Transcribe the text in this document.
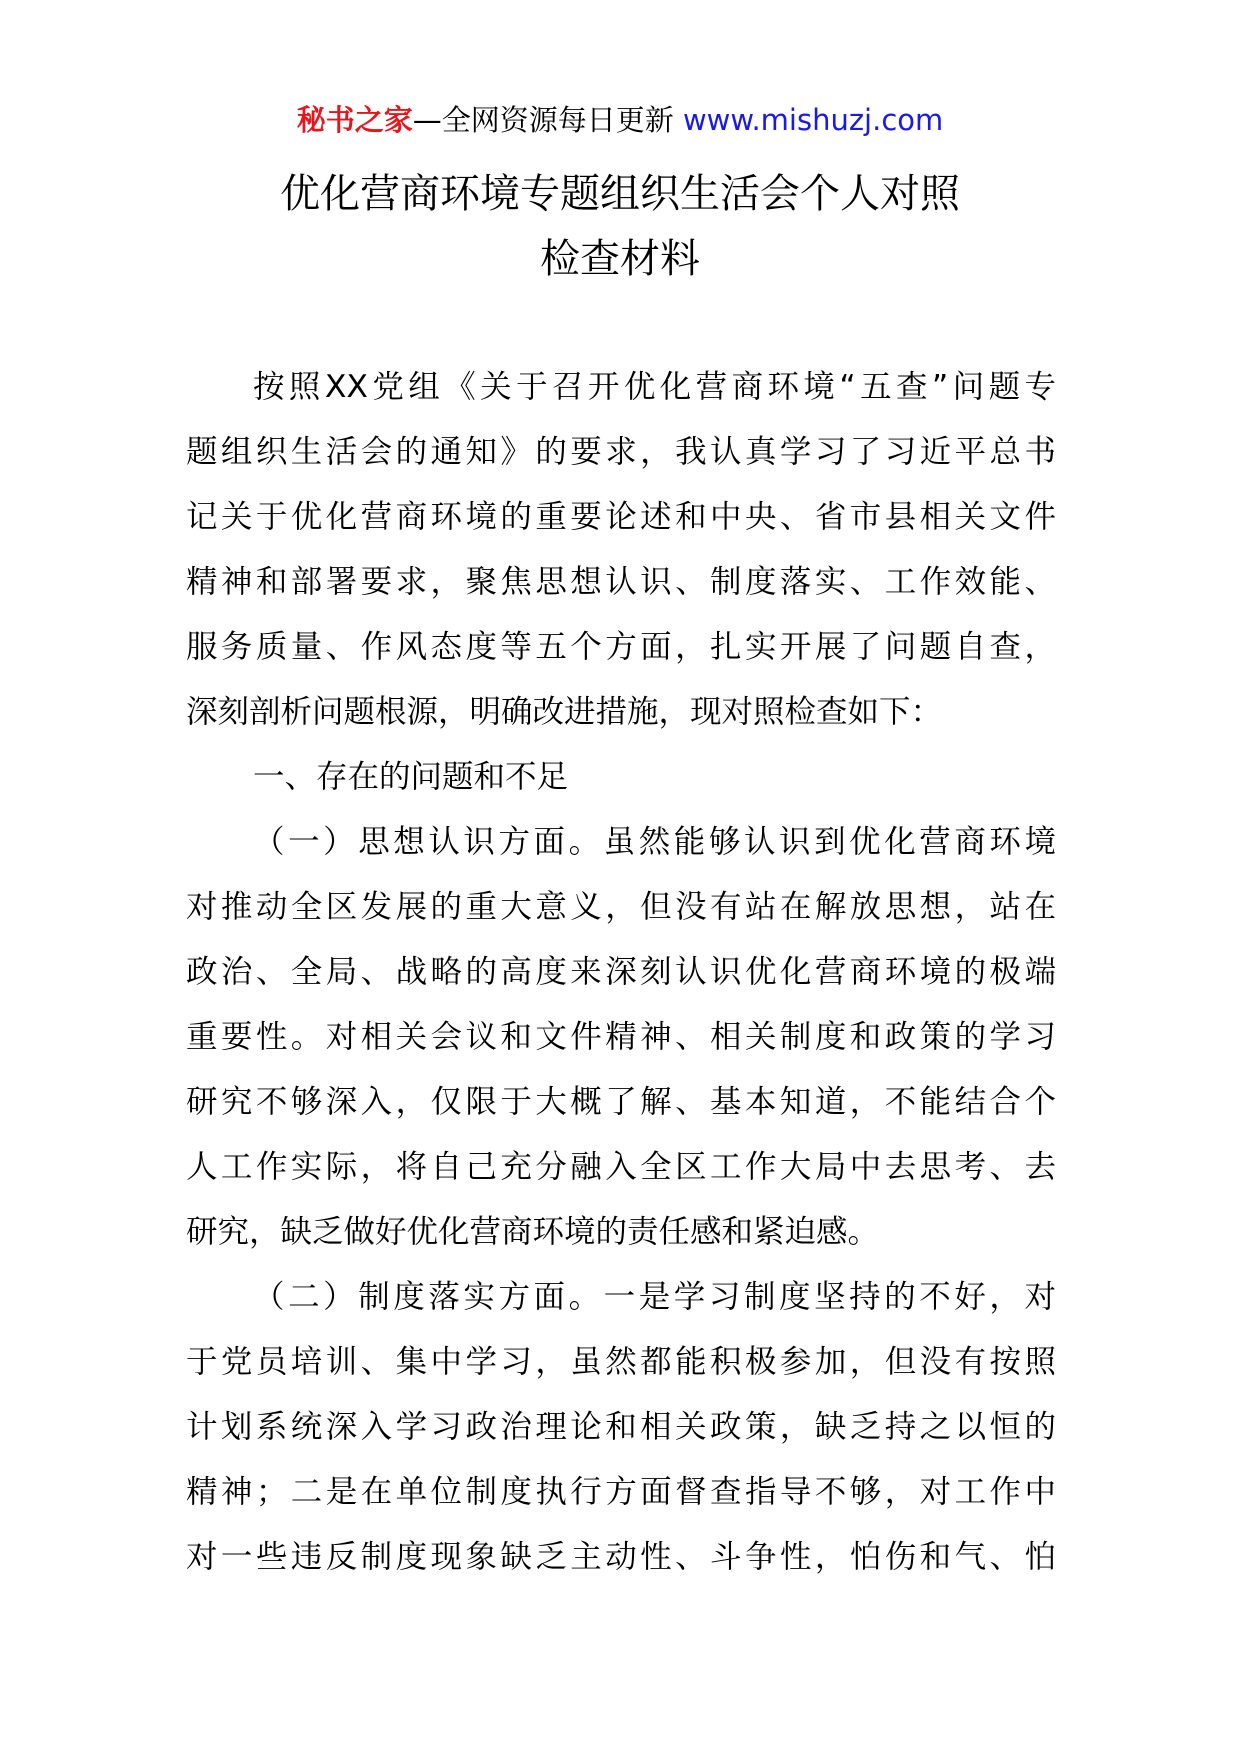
秘书之家—全网资源每日更新 www.mishuzj.com
优化营商环境专题组织生活会个人对照
检查材料
按照XX党组《关于召开优化营商环境“五查”问题专
题组织生活会的通知》的要求，我认真学习了习近平总书
记关于优化营商环境的重要论述和中央、省市县相关文件
精神和部署要求，聚焦思想认识、制度落实、工作效能、
服务质量、作风态度等五个方面，扎实开展了问题自查，
深刻剖析问题根源，明确改进措施，现对照检查如下：
一、存在的问题和不足
（一）思想认识方面。虽然能够认识到优化营商环境
对推动全区发展的重大意义，但没有站在解放思想，站在
政治、全局、战略的高度来深刻认识优化营商环境的极端
重要性。对相关会议和文件精神、相关制度和政策的学习
研究不够深入，仅限于大概了解、基本知道，不能结合个
人工作实际，将自己充分融入全区工作大局中去思考、去
研究，缺乏做好优化营商环境的责任感和紧迫感。
（二）制度落实方面。一是学习制度坚持的不好，对
于党员培训、集中学习，虽然都能积极参加，但没有按照
计划系统深入学习政治理论和相关政策，缺乏持之以恒的
精神；二是在单位制度执行方面督查指导不够，对工作中
对一些违反制度现象缺乏主动性、斗争性，怕伤和气、怕
